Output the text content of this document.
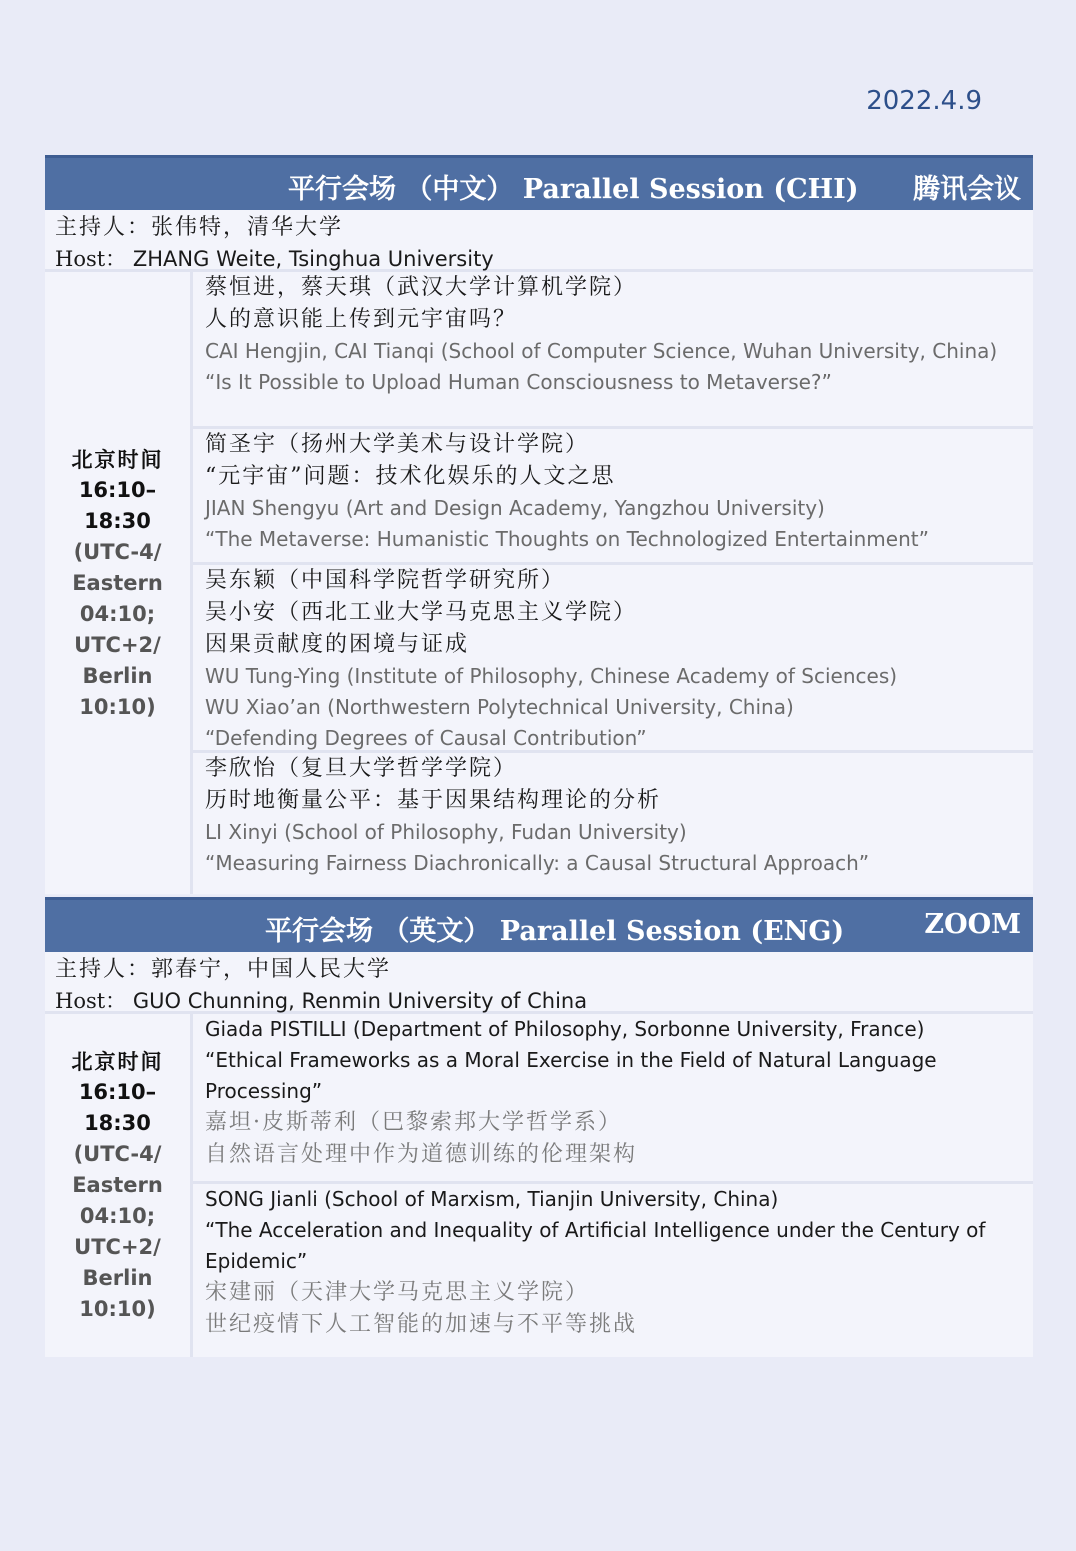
2022.4.9
平行会场 （中文） Parallel Session (CHI) 腾讯会议
主持人：张伟特，清华大学
Host： ZHANG Weite, Tsinghua University
北京时间
16:10–
18:30
(UTC-4/
Eastern
04:10;
UTC+2/
Berlin
10:10)
蔡恒进，蔡天琪（武汉大学计算机学院）
人的意识能上传到元宇宙吗？
CAI Hengjin, CAI Tianqi (School of Computer Science, Wuhan University, China)
“Is It Possible to Upload Human Consciousness to Metaverse?”
简圣宇（扬州大学美术与设计学院）
“元宇宙”问题：技术化娱乐的人文之思
JIAN Shengyu (Art and Design Academy, Yangzhou University)
“The Metaverse: Humanistic Thoughts on Technologized Entertainment”
吴东颖（中国科学院哲学研究所）
吴小安（西北工业大学马克思主义学院）
因果贡献度的困境与证成
WU Tung-Ying (Institute of Philosophy, Chinese Academy of Sciences)
WU Xiao’an (Northwestern Polytechnical University, China)
“Defending Degrees of Causal Contribution”
李欣怡（复旦大学哲学学院）
历时地衡量公平：基于因果结构理论的分析
LI Xinyi (School of Philosophy, Fudan University)
“Measuring Fairness Diachronically: a Causal Structural Approach”
平行会场 （英文） Parallel Session (ENG)	ZOOM
主持人：郭春宁，中国人民大学
Host： GUO Chunning, Renmin University of China
北京时间
16:10–
18:30
(UTC-4/
Eastern
04:10;
UTC+2/
Berlin
10:10)
Giada PISTILLI (Department of Philosophy, Sorbonne University, France)
“Ethical Frameworks as a Moral Exercise in the Field of Natural Language Processing”
嘉坦·皮斯蒂利（巴黎索邦大学哲学系）
自然语言处理中作为道德训练的伦理架构
SONG Jianli (School of Marxism, Tianjin University, China)
“The Acceleration and Inequality of Artificial Intelligence under the Century of Epidemic”
宋建丽（天津大学马克思主义学院）
世纪疫情下人工智能的加速与不平等挑战
